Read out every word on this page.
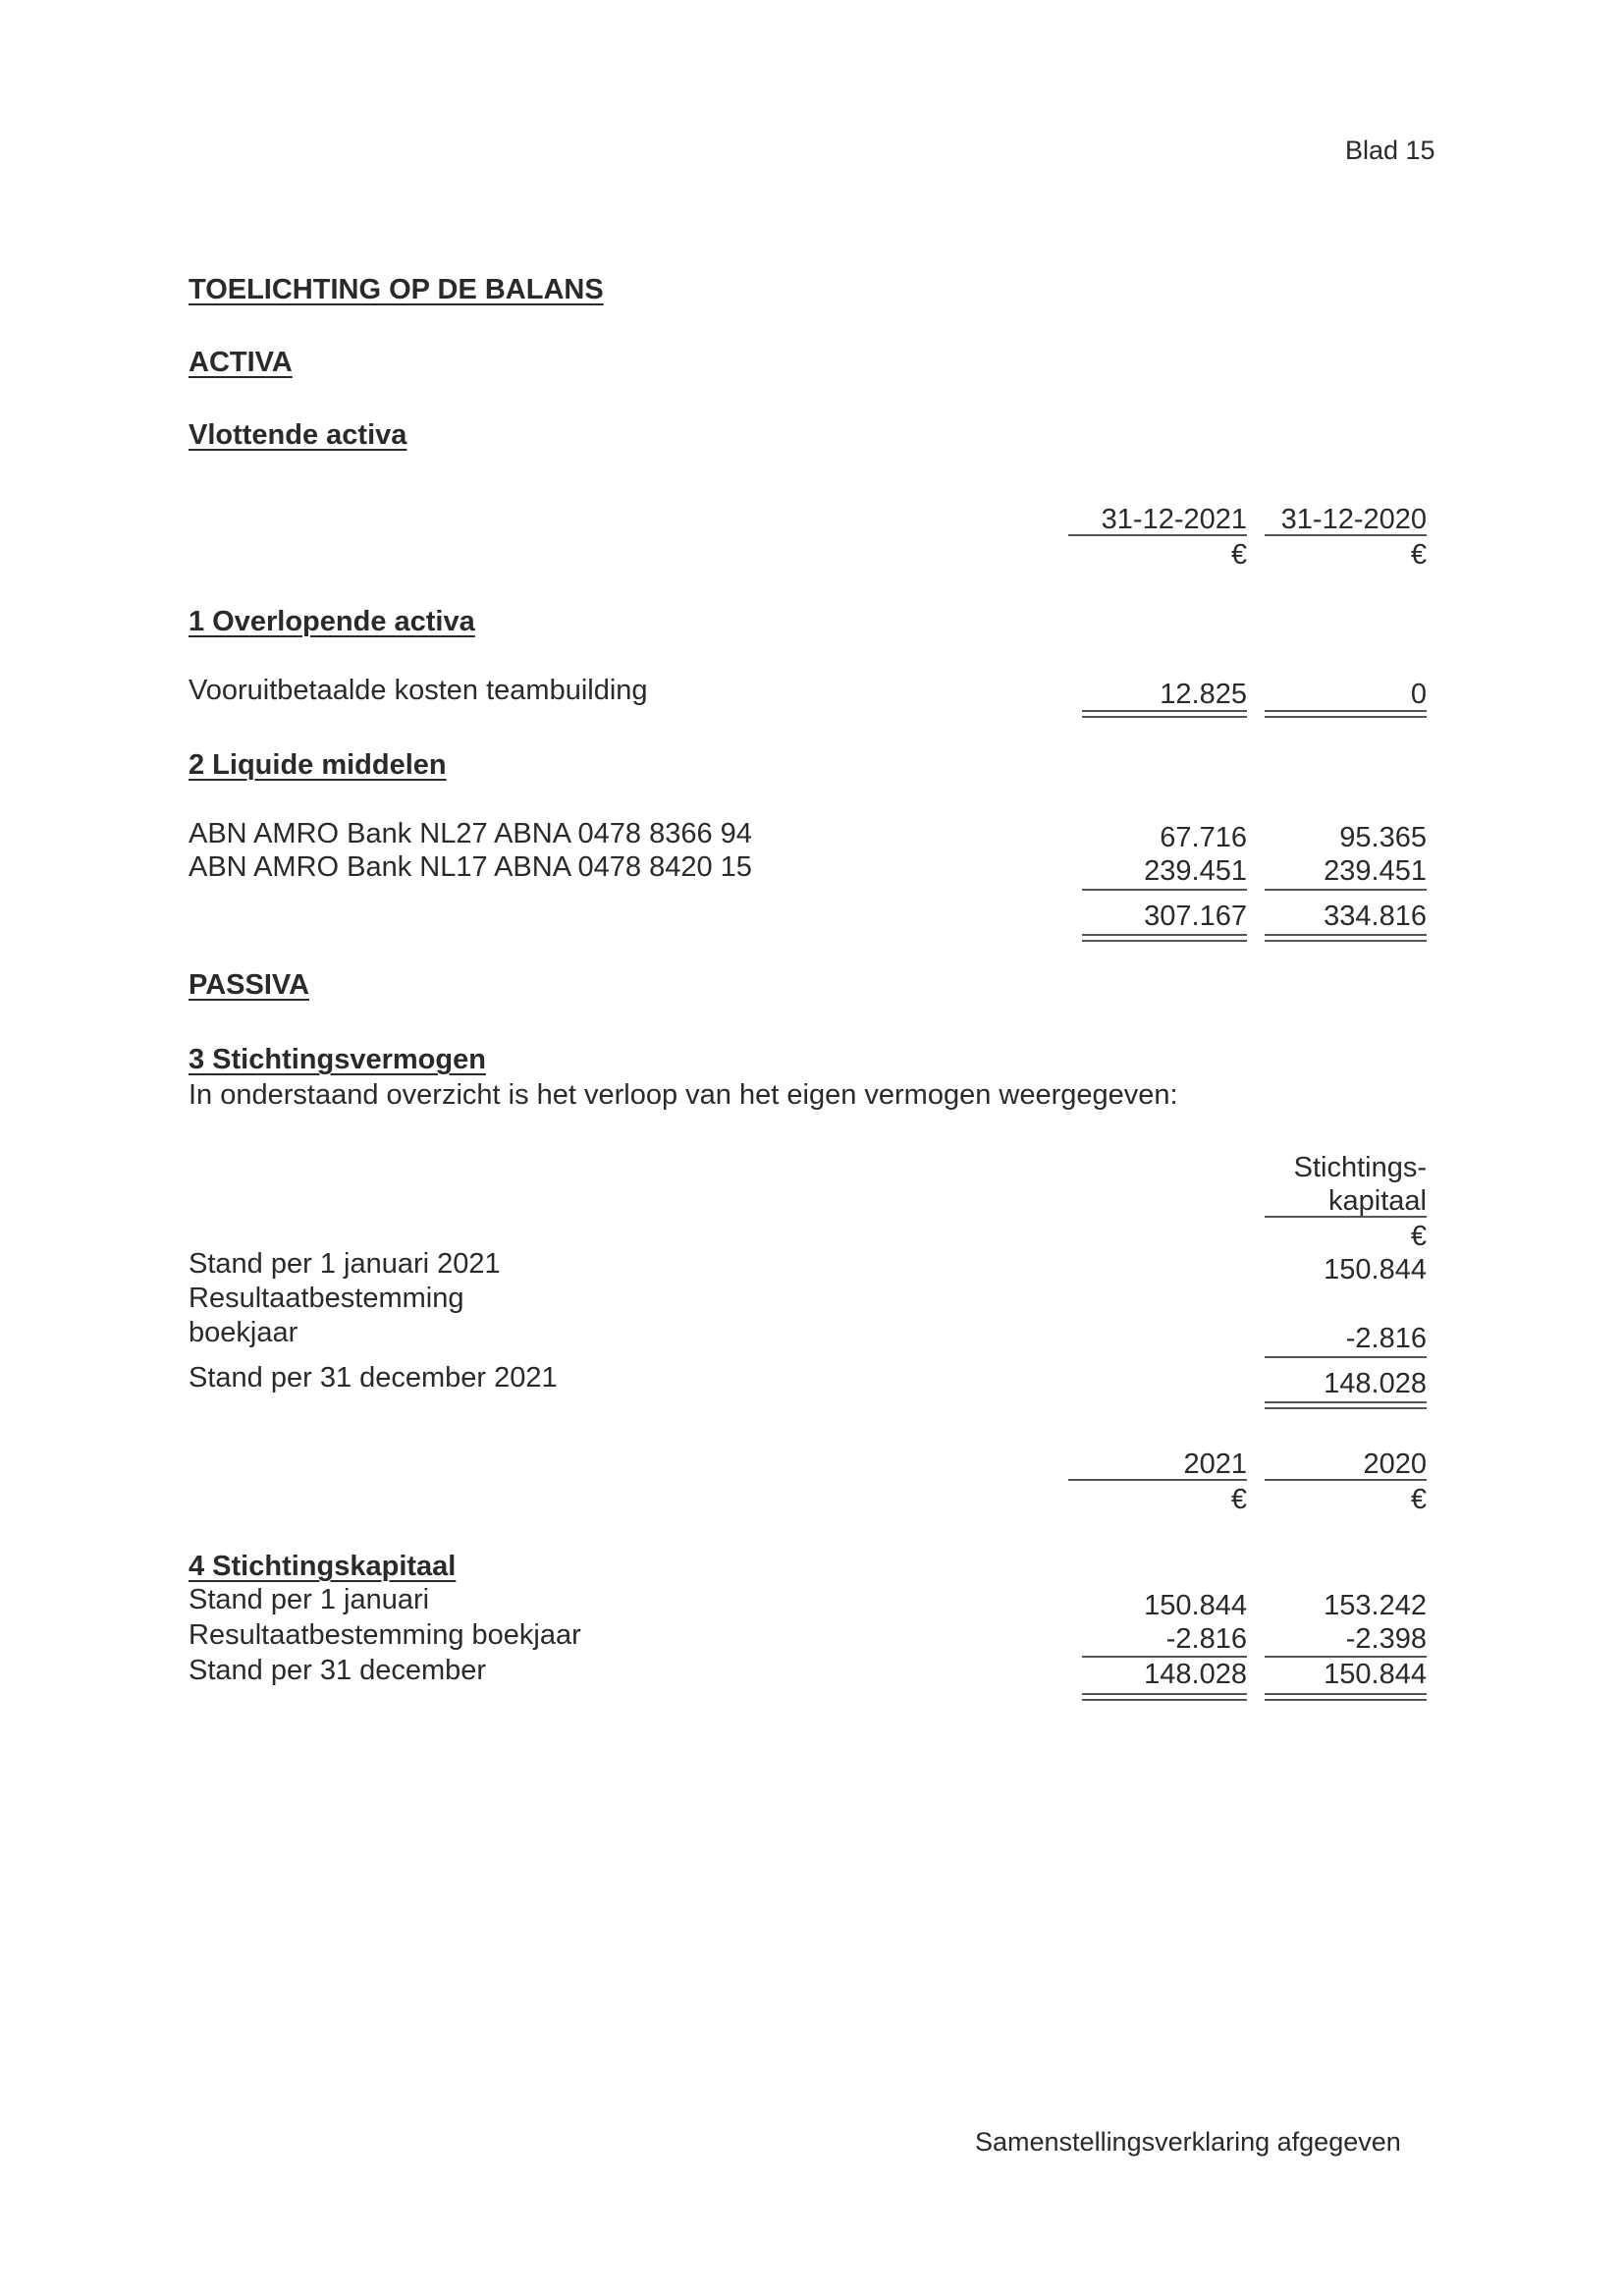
Blad 15
TOELICHTING OP DE BALANS
ACTIVA
Vlottende activa
31-12-2021	31-12-2020
€	€
1 Overlopende activa
Vooruitbetaalde kosten teambuilding	12.825	0
2 Liquide middelen
ABN AMRO Bank NL27 ABNA 0478 8366 94	67.716	95.365
ABN AMRO Bank NL17 ABNA 0478 8420 15	239.451	239.451
307.167	334.816
PASSIVA
3 Stichtingsvermogen
In onderstaand overzicht is het verloop van het eigen vermogen weergegeven:
Stichtings-
kapitaal
€
Stand per 1 januari 2021	150.844
Resultaatbestemming
boekjaar	-2.816
Stand per 31 december 2021	148.028
2021	2020
€	€
4 Stichtingskapitaal
Stand per 1 januari	150.844	153.242
Resultaatbestemming boekjaar	-2.816	-2.398
Stand per 31 december	148.028	150.844
Samenstellingsverklaring afgegeven
